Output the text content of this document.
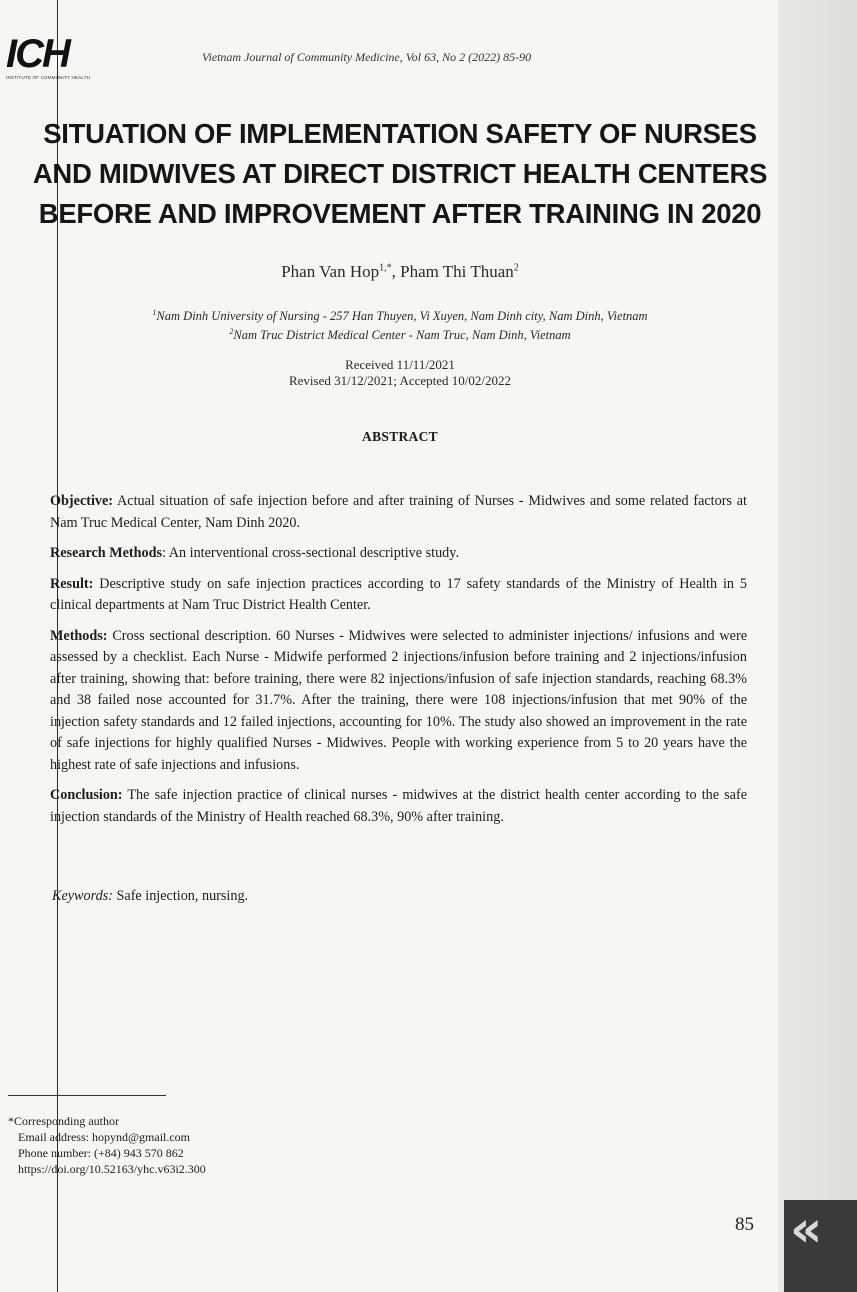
ICH
INSTITUTE OF COMMUNITY HEALTH
Vietnam Journal of Community Medicine, Vol 63, No 2 (2022) 85-90
SITUATION OF IMPLEMENTATION SAFETY OF NURSES
AND MIDWIVES AT DIRECT DISTRICT HEALTH CENTERS
BEFORE AND IMPROVEMENT AFTER TRAINING IN 2020
Phan Van Hop$^{1,*}$, Pham Thi Thuan$^2$
$^1$Nam Dinh University of Nursing - 257 Han Thuyen, Vi Xuyen, Nam Dinh city, Nam Dinh, Vietnam
$^2$Nam Truc District Medical Center - Nam Truc, Nam Dinh, Vietnam
Received 11/11/2021
Revised 31/12/2021; Accepted 10/02/2022
ABSTRACT

Objective: Actual situation of safe injection before and after training of Nurses - Midwives and some related factors at Nam Truc Medical Center, Nam Dinh 2020.

Research Methods: An interventional cross-sectional descriptive study.

Result: Descriptive study on safe injection practices according to 17 safety standards of the Ministry of Health in 5 clinical departments at Nam Truc District Health Center.

Methods: Cross sectional description. 60 Nurses - Midwives were selected to administer injections/ infusions and were assessed by a checklist. Each Nurse - Midwife performed 2 injections/infusion before training and 2 injections/infusion after training, showing that: before training, there were 82 injections/infusion of safe injection standards, reaching 68.3% and 38 failed nose accounted for 31.7%. After the training, there were 108 injections/infusion that met 90% of the injection safety standards and 12 failed injections, accounting for 10%. The study also showed an improvement in the rate of safe injections for highly qualified Nurses - Midwives. People with working experience from 5 to 20 years have the highest rate of safe injections and infusions.

Conclusion: The safe injection practice of clinical nurses - midwives at the district health center according to the safe injection standards of the Ministry of Health reached 68.3%, 90% after training.

Keywords: Safe injection, nursing.
*Corresponding author
Email address: hopynd@gmail.com
Phone number: (+84) 943 570 862
https://doi.org/10.52163/yhc.v63i2.300
85 «
